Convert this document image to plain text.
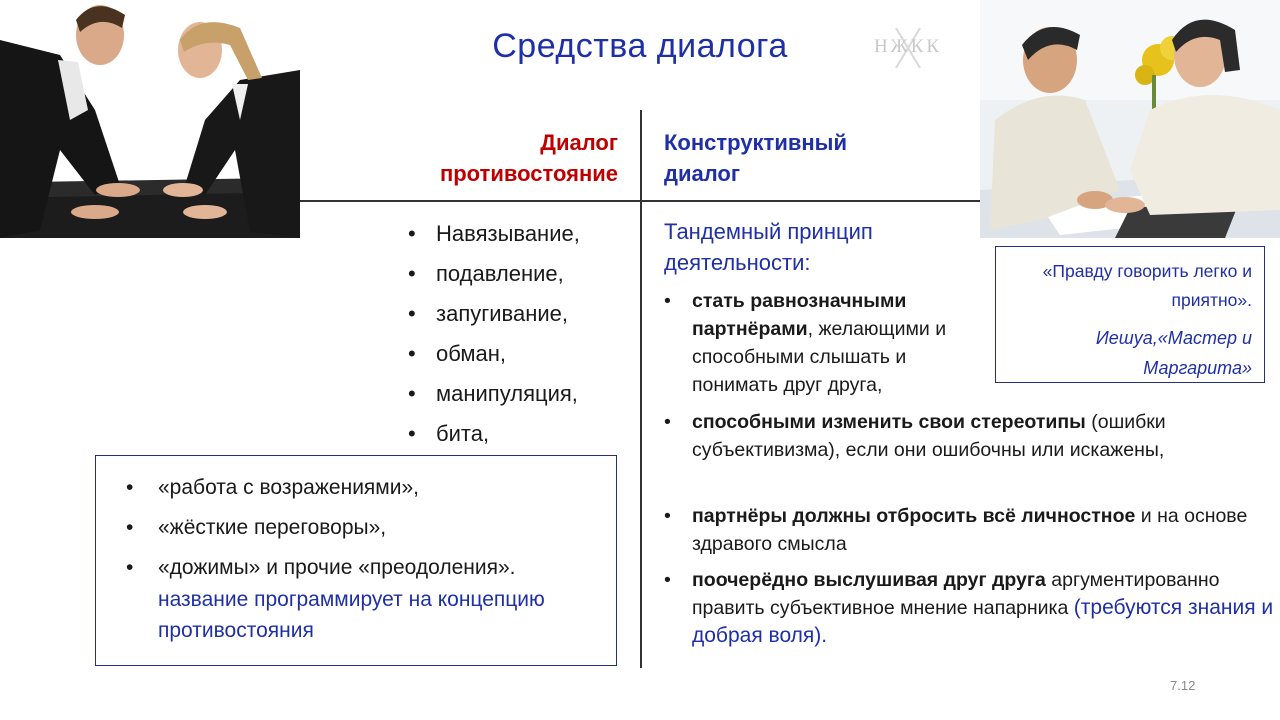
Средства диалога	НЖКК
Диалог
противостояние
Конструктивный
диалог
• Навязывание,
• подавление,
• запугивание,
• обман,
• манипуляция,
• бита,
• «работа с возражениями»,
• «жёсткие переговоры»,
• «дожимы» и прочие «преодоления».
название программирует на концепцию противостояния
Тандемный принцип деятельности:
• стать равнозначными партнёрами, желающими и способными слышать и понимать друг друга,
• способными изменить свои стереотипы (ошибки субъективизма), если они ошибочны или искажены,
• партнёры должны отбросить всё личностное и на основе здравого смысла
• поочерёдно выслушивая друг друга аргументированно править субъективное мнение напарника (требуются знания и добрая воля).
«Правду говорить легко и приятно».
Иешуа,«Мастер и Маргарита»
7.12
